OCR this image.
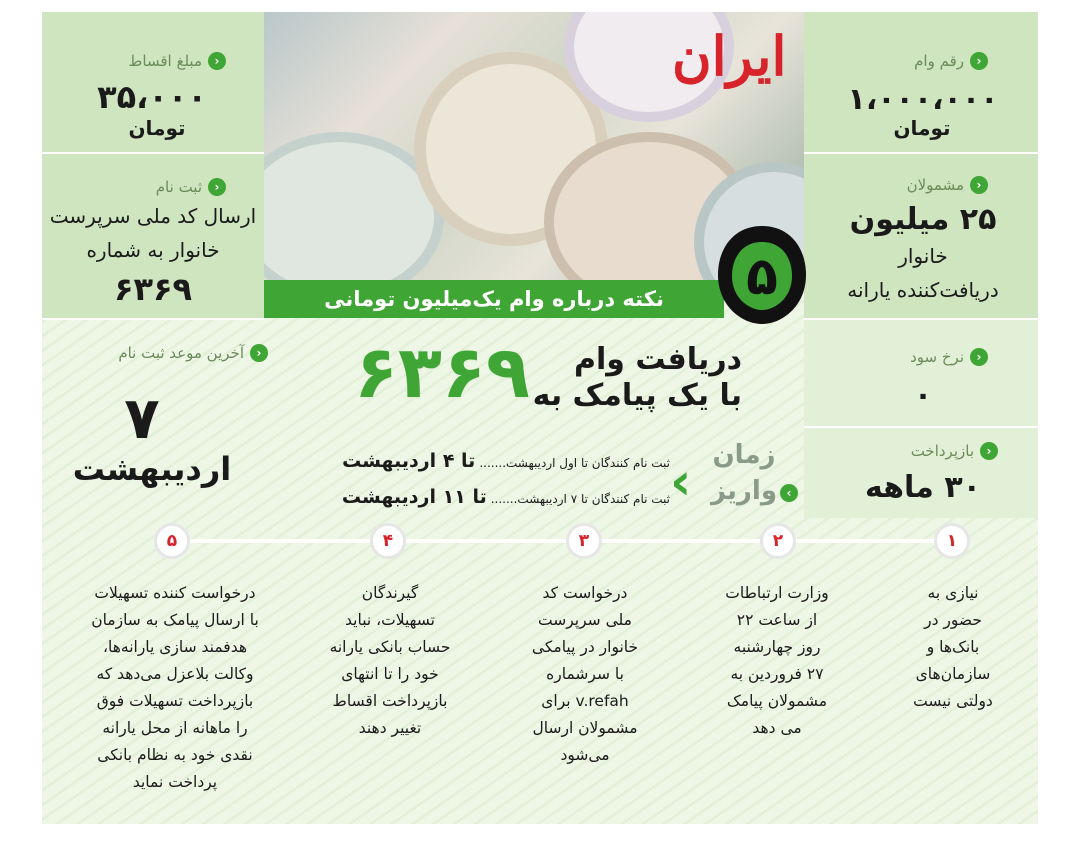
ایران
نکته درباره وام یک‌میلیون تومانی ۵
‹
مبلغ اقساط
۳۵،۰۰۰
تومان
‹
ثبت نام
ارسال کد ملی سرپرست
خانوار به شماره
۶۳۶۹
‹
آخرین موعد ثبت نام
۷
اردیبهشت
دریافت وام
با یک پیامک به
۶۳۶۹
زمان
واریز ‹
‹
ثبت نام کنندگان تا اول اردیبهشت.......
تا ۴ اردیبهشت
ثبت نام کنندگان تا ۷ اردیبهشت.......
تا ۱۱ اردیبهشت
‹
رقم وام
۱،۰۰۰،۰۰۰
تومان
‹
مشمولان
۲۵ میلیون
خانوار
دریافت‌کننده یارانه
‹
نرخ سود
۰
‹
بازپرداخت
۳۰ ماهه
۱
۲
۳
۴
۵
نیازی به
حضور در
بانک‌ها و
سازمان‌های
دولتی نیست
وزارت ارتباطات
از ساعت ۲۲
روز چهارشنبه
۲۷ فروردین به
مشمولان پیامک
می دهد
درخواست کد
ملی سرپرست
خانوار در پیامکی
با سرشماره
v.refah برای
مشمولان ارسال
می‌شود
گیرندگان
تسهیلات، نباید
حساب بانکی یارانه
خود را تا انتهای
بازپرداخت اقساط
تغییر دهند
درخواست کننده تسهیلات
با ارسال پیامک به سازمان
هدفمند سازی یارانه‌ها،
وکالت بلاعزل می‌دهد که
بازپرداخت تسهیلات فوق
را ماهانه از محل یارانه
نقدی خود به نظام بانکی
پرداخت نماید
